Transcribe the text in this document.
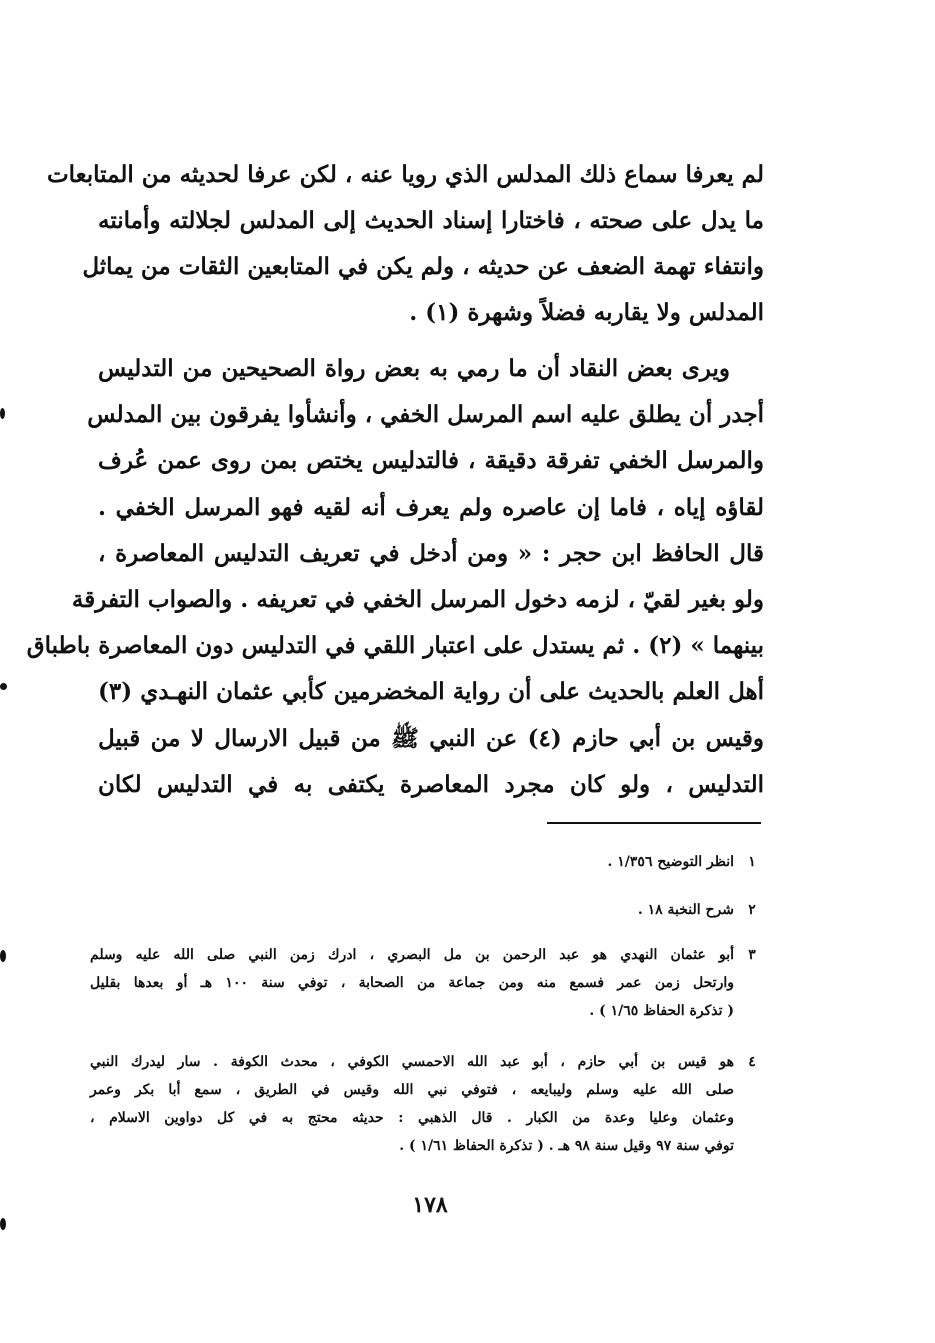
لم يعرفا سماع ذلك المدلس الذي رويا عنه ، لكن عرفا لحديثه من المتابعات
ما يدل على صحته ، فاختارا إسناد الحديث إلى المدلس لجلالته وأمانته
وانتفاء تهمة الضعف عن حديثه ، ولم يكن في المتابعين الثقات من يماثل
المدلس ولا يقاربه فضلاً وشهرة (١) .
ويرى بعض النقاد أن ما رمي به بعض رواة الصحيحين من التدليس
أجدر أن يطلق عليه اسم المرسل الخفي ، وأنشأوا يفرقون بين المدلس
والمرسل الخفي تفرقة دقيقة ، فالتدليس يختص بمن روى عمن عُرف
لقاؤه إياه ، فاما إن عاصره ولم يعرف أنه لقيه فهو المرسل الخفي .
قال الحافظ ابن حجر : « ومن أدخل في تعريف التدليس المعاصرة ،
ولو بغير لقيّ ، لزمه دخول المرسل الخفي في تعريفه . والصواب التفرقة
بينهما » (٢) . ثم يستدل على اعتبار اللقي في التدليس دون المعاصرة باطباق
أهل العلم بالحديث على أن رواية المخضرمين كأبي عثمان النهـدي (٣)
وقيس بن أبي حازم (٤) عن النبي ﷺ من قبيل الارسال لا من قبيل
التدليس ، ولو كان مجرد المعاصرة يكتفى به في التدليس لكان
١
انظر التوضيح ١/٣٥٦ .
٢
شرح النخبة ١٨ .
٣
أبو عثمان النهدي هو عبد الرحمن بن مل البصري ، ادرك زمن النبي صلى الله عليه وسلم
وارتحل زمن عمر فسمع منه ومن جماعة من الصحابة ، توفي سنة ١٠٠ هـ أو بعدها بقليل
( تذكرة الحفاظ ١/٦٥ ) .
٤
هو قيس بن أبي حازم ، أبو عبد الله الاحمسي الكوفي ، محدث الكوفة . سار ليدرك النبي
صلى الله عليه وسلم وليبايعه ، فتوفي نبي الله وقيس في الطريق ، سمع أبا بكر وعمر
وعثمان وعليا وعدة من الكبار . قال الذهبي : حديثه محتج به في كل دواوين الاسلام ،
توفي سنة ٩٧ وقيل سنة ٩٨ هـ . ( تذكرة الحفاظ ١/٦١ ) .
١٧٨
